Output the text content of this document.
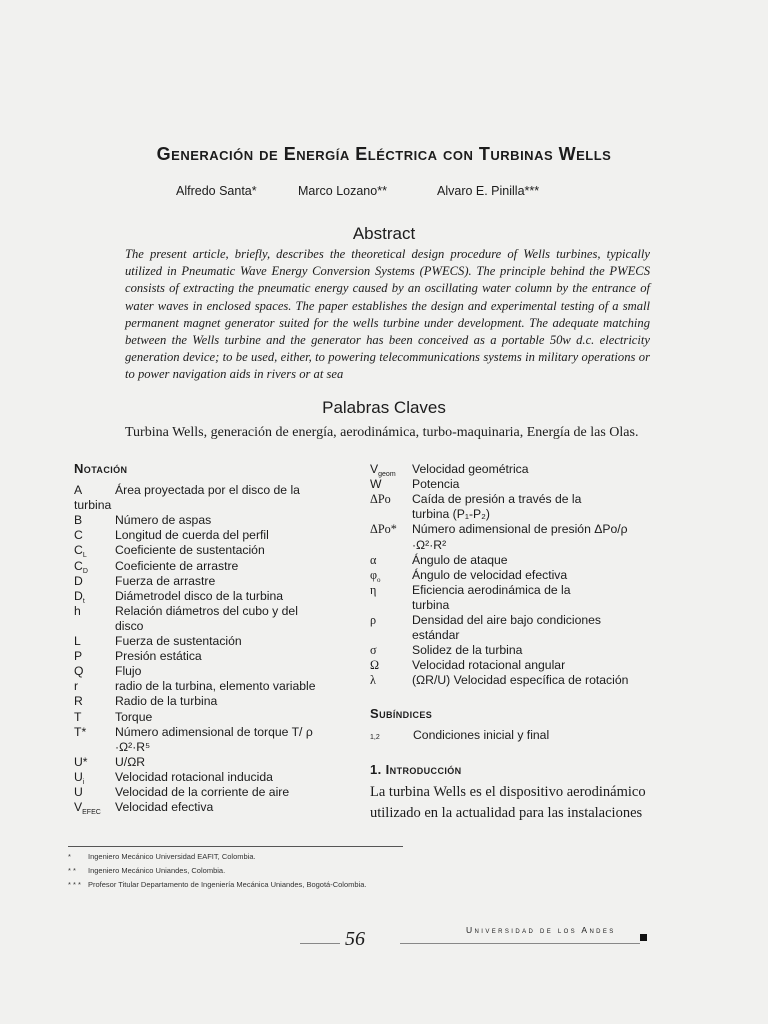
Generación de Energía Eléctrica con Turbinas Wells
Alfredo Santa*	Marco Lozano**	Alvaro E. Pinilla***
Abstract

The present article, briefly, describes the theoretical design procedure of Wells turbines, typically utilized in Pneumatic Wave Energy Conversion Systems (PWECS). The principle behind the PWECS consists of extracting the pneumatic energy caused by an oscillating water column by the entrance of water waves in enclosed spaces. The paper establishes the design and experimental testing of a small permanent magnet generator suited for the wells turbine under development. The adequate matching between the Wells turbine and the generator has been conceived as a portable 50w d.c. electricity generation device; to be used, either, to powering telecommunications systems in military operations or to power navigation aids in rivers or at sea

Palabras Claves

Turbina Wells, generación de energía, aerodinámica, turbo-maquinaria, Energía de las Olas.

Notación
A	Área proyectada por el disco de la
turbina
B	Número de aspas
C	Longitud de cuerda del perfil
$C_L$ Coeficiente de sustentación
$C_D$ Coeficiente de arrastre
D	Fuerza de arrastre
$D_t$ Diámetrodel disco de la turbina
h	Relación diámetros del cubo y del
disco
L	Fuerza de sustentación
P	Presión estática
Q	Flujo
r	radio de la turbina, elemento variable
R	Radio de la turbina
T	Torque
T* Número adimensional de torque T/ ρ
·Ω²·R⁵
U* U/ΩR
$U_i$	Velocidad rotacional inducida
U	Velocidad de la corriente de aire
$V_{EFEC}$ Velocidad efectiva
$V_{geom}$ Velocidad geométrica
W Potencia
ΔPo Caída de presión a través de la
turbina (P₁-P₂)
ΔPo* Número adimensional de presión ΔPo/ρ
·Ω²·R²
α	Ángulo de ataque
$\varphi_o$	Ángulo de velocidad efectiva
η	Eficiencia aerodinámica de la
turbina
ρ	Densidad del aire bajo condiciones
estándar
σ	Solidez de la turbina
Ω	Velocidad rotacional angular
λ	(ΩR/U) Velocidad específica de rotación
Subíndices
1,2	Condiciones inicial y final
1. Introducción

La turbina Wells es el dispositivo aerodinámico utilizado en la actualidad para las instalaciones

* Ingeniero Mecánico Universidad EAFIT, Colombia.
* * Ingeniero Mecánico Uniandes, Colombia.
* * * Profesor Titular Departamento de Ingeniería Mecánica Uniandes, Bogotá-Colombia.
56	Universidad de los Andes
